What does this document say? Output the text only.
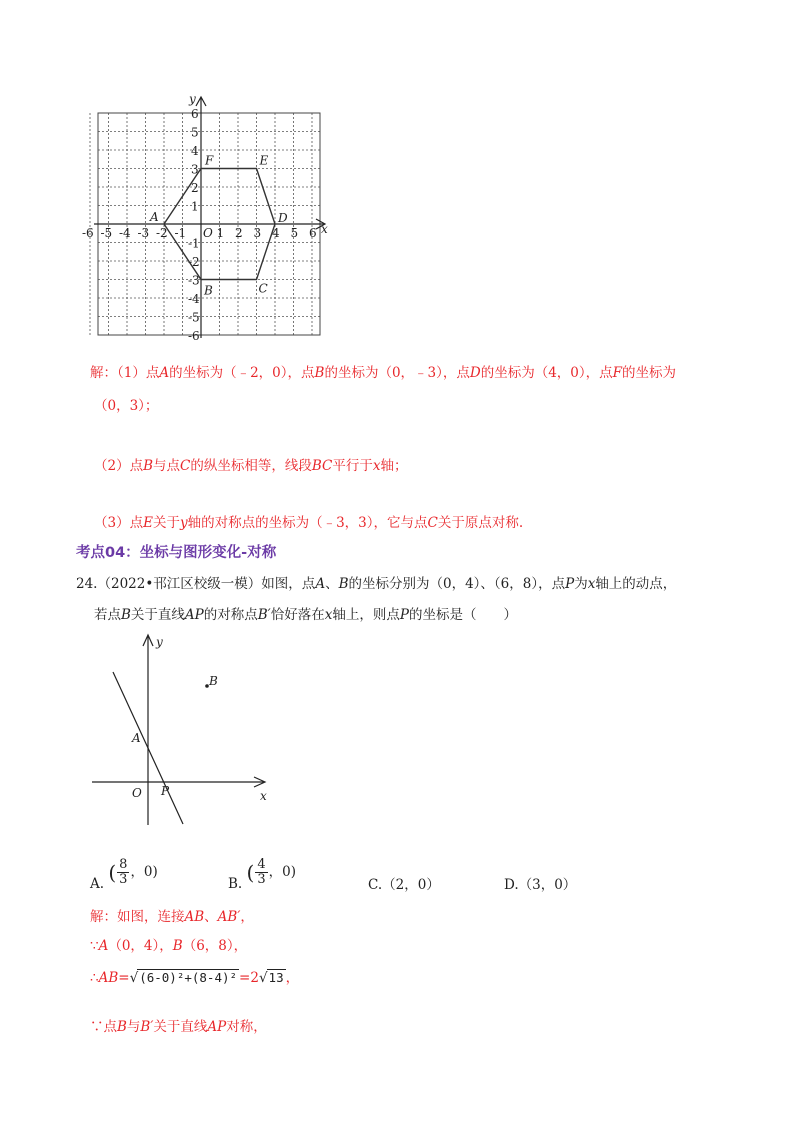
x
y
-6 -5 -4 -3 -2 -1 O 1 2 3 4 5 6
1
2
3
4
5
6
-1
-2
-3
-4
-5
-6
A
B	C
D
E
F
解：（1）点A的坐标为（﹣2，0），点B的坐标为（0，﹣3），点D的坐标为（4，0），点F的坐标为
（0，3）；
（2）点B与点C的纵坐标相等，线段BC平行于x轴；
（3）点E关于y轴的对称点的坐标为（﹣3，3），它与点C关于原点对称.
考点04：坐标与图形变化-对称
24.（2022•邗江区校级一模）如图，点A、B的坐标分别为（0，4）、（6，8），点P为x轴上的动点，
若点B关于直线AP的对称点B′恰好落在x轴上，则点P的坐标是（　　）
y
x
O
A
B
P
A. ( $\frac{8}{3}$ ，0)
B. ( $\frac{4}{3}$ ，0)
C.（2，0）	D.（3，0）
解：如图，连接AB、AB′，
∵A（0，4），B（6，8），
∴AB=√(6-0)²+(8-4)² =2√13 ，
∵点B与B′关于直线AP对称，
